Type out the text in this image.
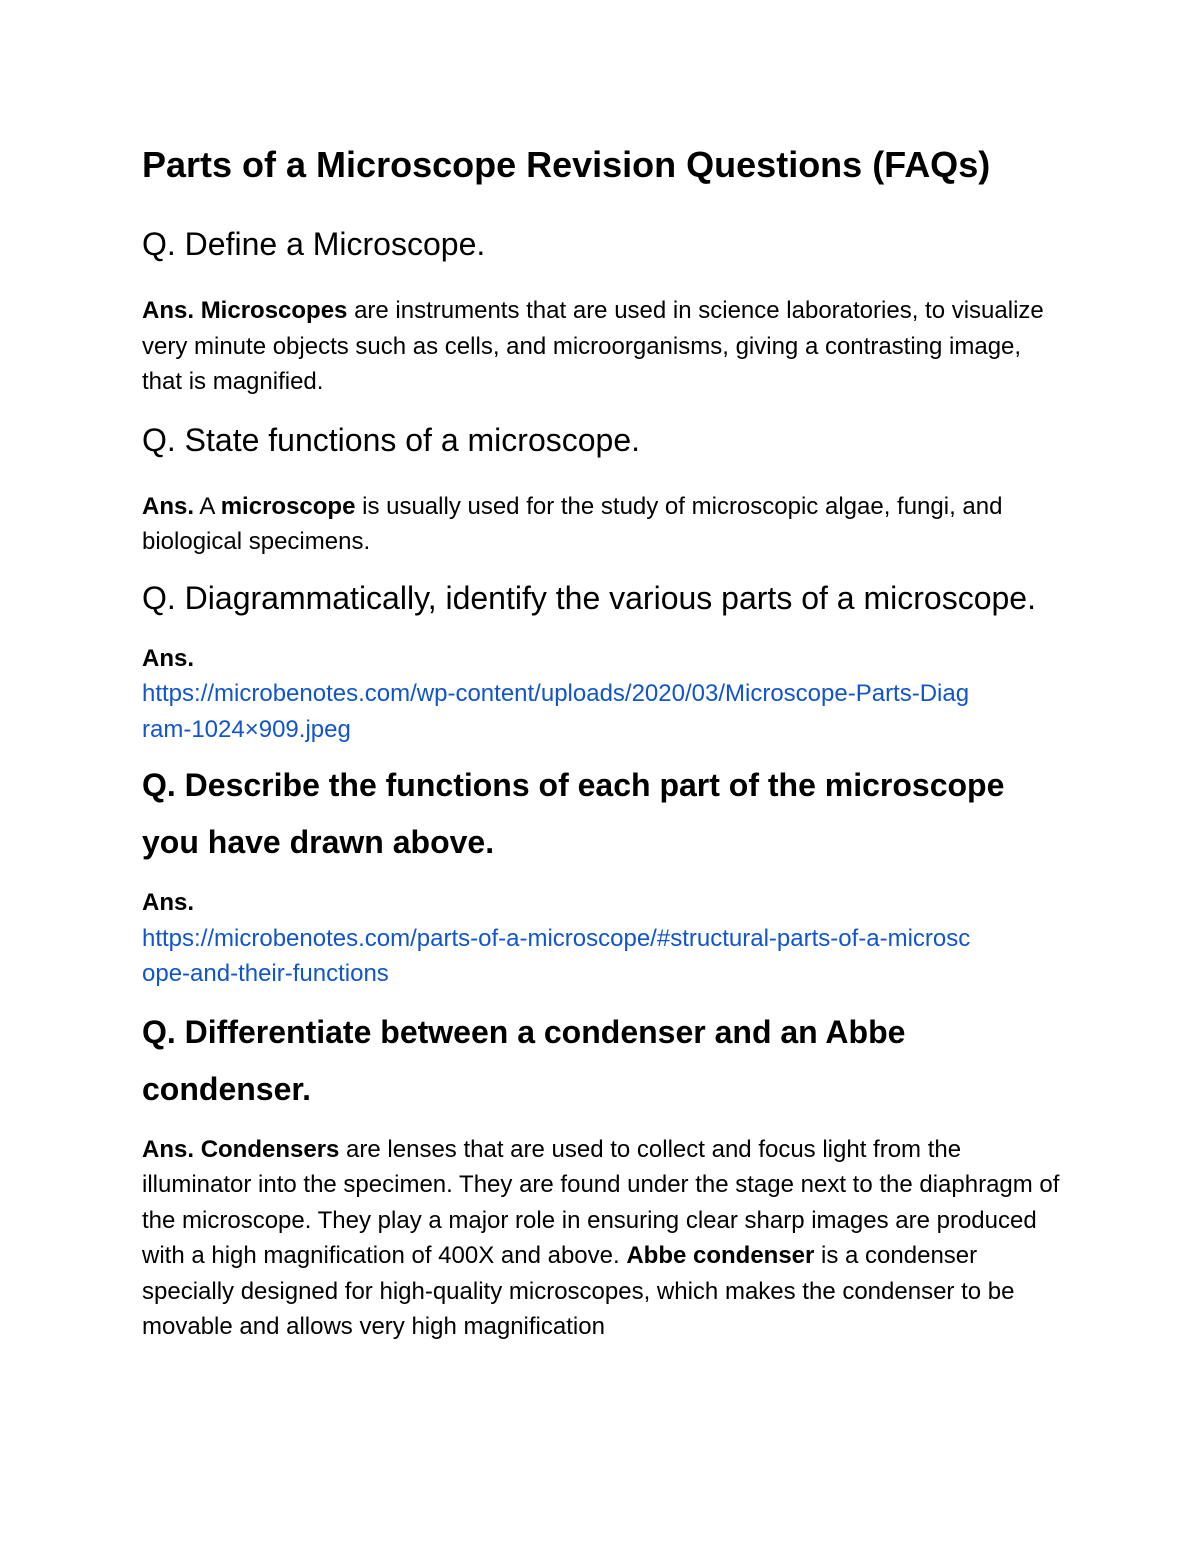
Parts of a Microscope Revision Questions (FAQs)

Q. Define a Microscope.

Ans. Microscopes are instruments that are used in science laboratories, to visualize very minute objects such as cells, and microorganisms, giving a contrasting image, that is magnified.

Q. State functions of a microscope.

Ans. A microscope is usually used for the study of microscopic algae, fungi, and biological specimens.

Q. Diagrammatically, identify the various parts of a microscope.

Ans.
https://microbenotes.com/wp-content/uploads/2020/03/Microscope-Parts-Diag
ram-1024×909.jpeg

Q. Describe the functions of each part of the microscope you have drawn above.

Ans.
https://microbenotes.com/parts-of-a-microscope/#structural-parts-of-a-microsc
ope-and-their-functions

Q. Differentiate between a condenser and an Abbe condenser.

Ans. Condensers are lenses that are used to collect and focus light from the illuminator into the specimen. They are found under the stage next to the diaphragm of the microscope. They play a major role in ensuring clear sharp images are produced with a high magnification of 400X and above. Abbe condenser is a condenser specially designed for high-quality microscopes, which makes the condenser to be movable and allows very high magnification
